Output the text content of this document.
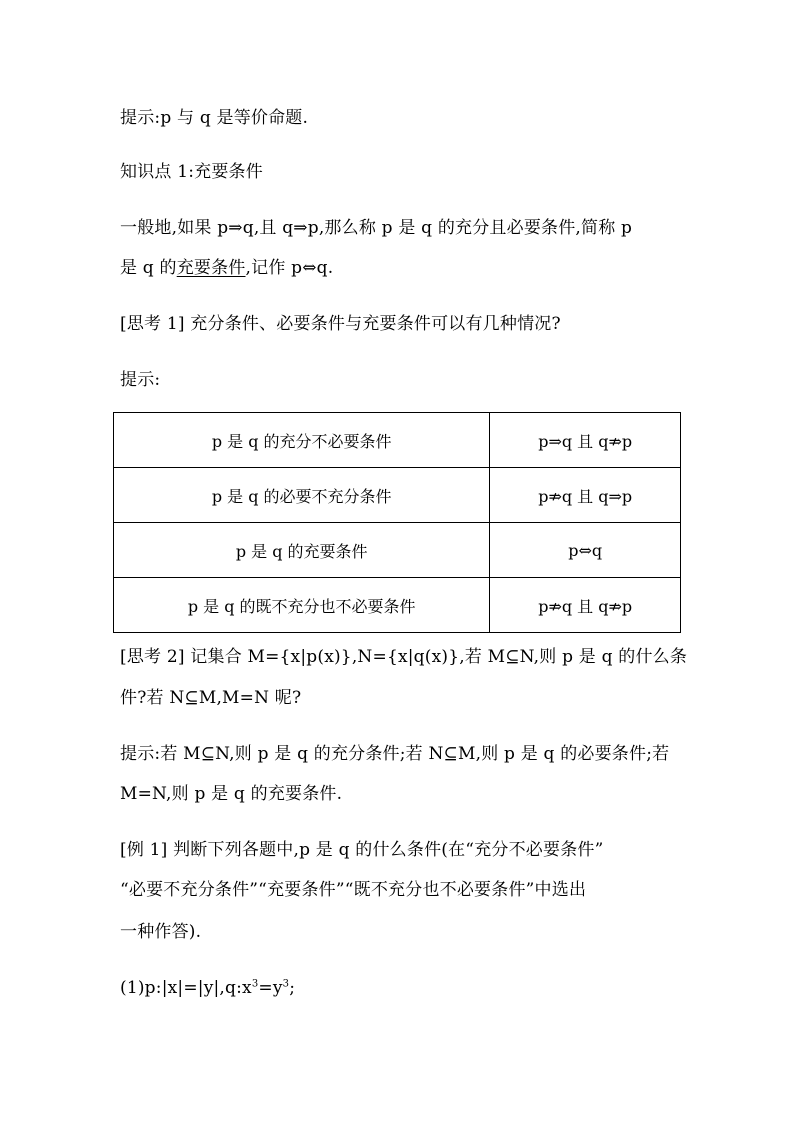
提示:p 与 q 是等价命题.
知识点 1:充要条件
一般地,如果 p⇒q,且 q⇒p,那么称 p 是 q 的充分且必要条件,简称 p
是 q 的充要条件,记作 p⇔q.
[思考 1] 充分条件、必要条件与充要条件可以有几种情况?
提示:
p 是 q 的充分不必要条件	p⇒q 且 q⇏p
p 是 q 的必要不充分条件	p⇏q 且 q⇒p
p 是 q 的充要条件	p⇔q
p 是 q 的既不充分也不必要条件	p⇏q 且 q⇏p
[思考 2] 记集合 M={x|p(x)},N={x|q(x)},若 M⊆N,则 p 是 q 的什么条
件?若 N⊆M,M=N 呢?
提示:若 M⊆N,则 p 是 q 的充分条件;若 N⊆M,则 p 是 q 的必要条件;若
M=N,则 p 是 q 的充要条件.
[例 1] 判断下列各题中,p 是 q 的什么条件(在“充分不必要条件”
“必要不充分条件”“充要条件”“既不充分也不必要条件”中选出
一种作答).
$(1)p:|x|=|y|,q:x^3=y^3$;
